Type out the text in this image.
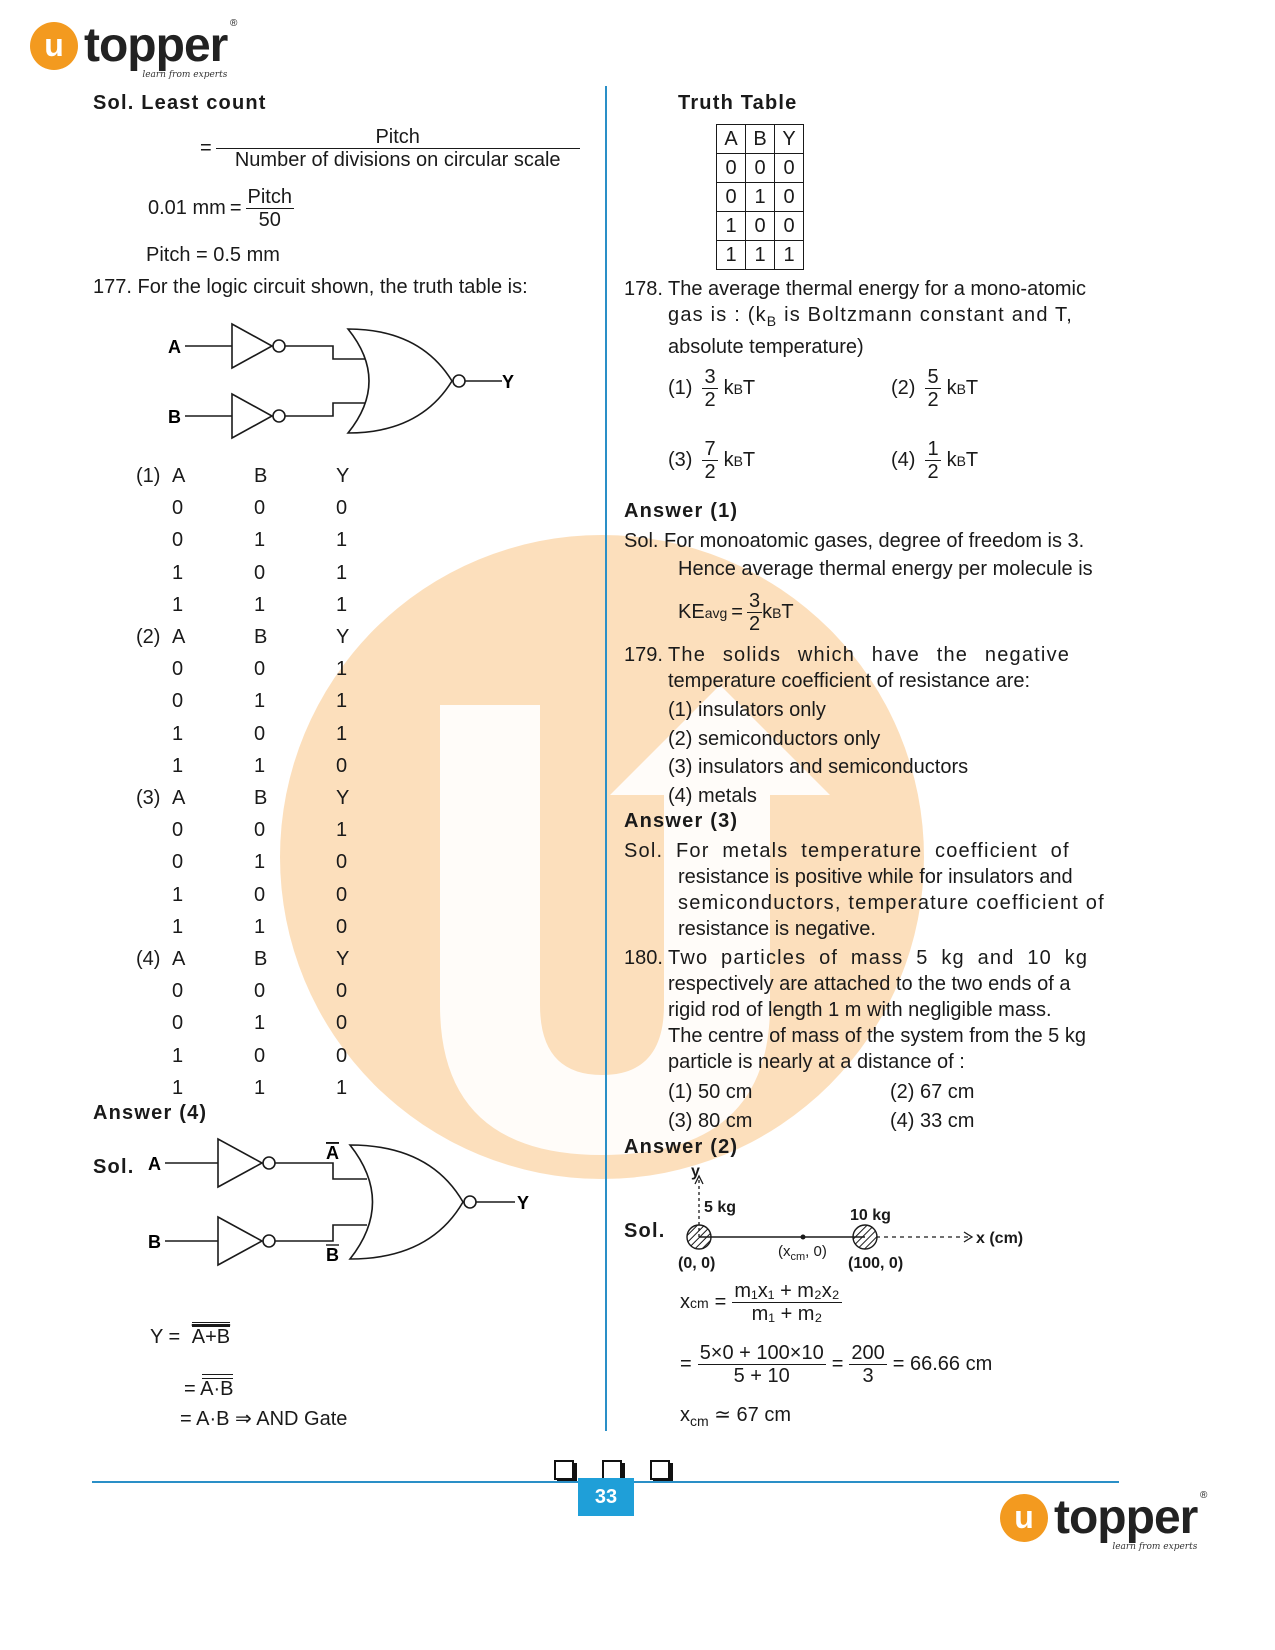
u topper ®
learn from experts
Sol. Least count
= $\frac{\text{Pitch}}{\text{Number of divisions on circular scale}}$
0.01 mm = $\frac{\text{Pitch}}{50}$
Pitch = 0.5 mm
177. For the logic circuit shown, the truth table is:
A
B
Y
(1) A	B	Y
0	0	0
0	1	1
1	0	1
1	1	1
(2) A	B	Y
0	0	1
0	1	1
1	0	1
1	1	0
(3) A	B	Y
0	0	1
0	1	0
1	0	0
1	1	0
(4) A	B	Y
0	0	0
0	1	0
1	0	0
1	1	1
Answer (4)
Sol. A
B
A
B
Y
Y = A+B
= A·B
= A·B ⇒ AND Gate
Truth Table
A	B	Y
0	0	0
0	1	0
1	0	0
1	1	1
178. The average thermal energy for a mono-atomic
gas is : ($k_B$ is Boltzmann constant and T,
absolute temperature)
$(1) \frac{3}{2}$ k B T	$(2) \frac{5}{2}$ k B T
$(3) \frac{7}{2}$ k B T	$(4) \frac{1}{2}$ k B T
Answer (1)
Sol. For monoatomic gases, degree of freedom is 3.
Hence average thermal energy per molecule is
KE avg = $\frac{3}{2}$ k B T
179. The solids which have the negative
temperature coefficient of resistance are:
(1) insulators only
(2) semiconductors only
(3) insulators and semiconductors
(4) metals
Answer (3)
Sol. For metals temperature coefficient of
resistance is positive while for insulators and
semiconductors, temperature coefficient of
resistance is negative.
180. Two particles of mass 5 kg and 10 kg
respectively are attached to the two ends of a
rigid rod of length 1 m with negligible mass.
The centre of mass of the system from the 5 kg
particle is nearly at a distance of :
(1) 50 cm	(2) 67 cm
(3) 80 cm	(4) 33 cm
Answer (2)
Sol.
y
5 kg	10 kg
(0, 0)	(100, 0)
x (cm)
($x_{cm}$, 0)
x cm = $\frac{\text{m₁x₁ + m₂x₂}}{\text{m₁ + m₂}}$
= $\frac{5\times 0 + 100\times 10}{5 + 10} = \frac{200}{3} = 66.66$ cm
$x_{cm}$ ≃ 67 cm
33
u topper ®
learn from experts
